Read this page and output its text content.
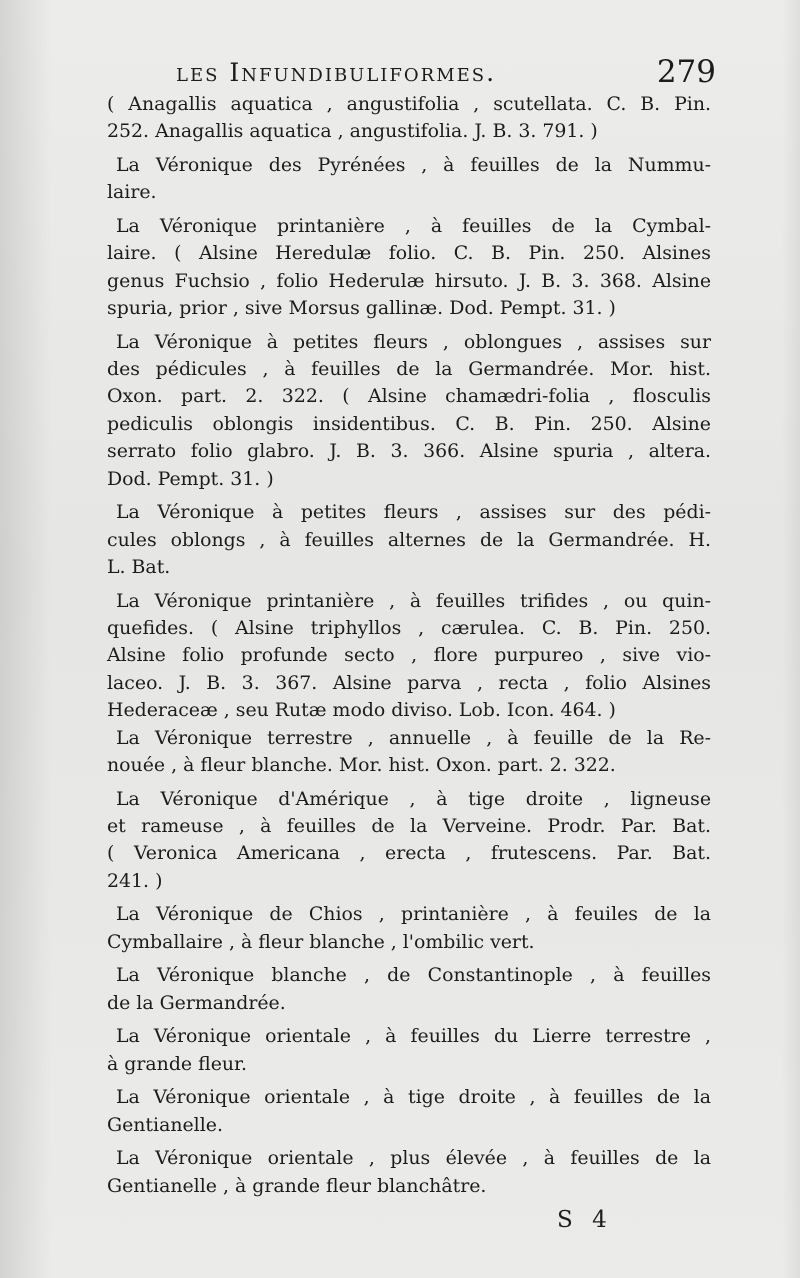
les Infundibuliformes.	279
( Anagallis aquatica , angustifolia , scutellata. C. B. Pin.
252. Anagallis aquatica , angustifolia. J. B. 3. 791. )
La Véronique des Pyrénées , à feuilles de la Nummu-
laire.
La Véronique printanière , à feuilles de la Cymbal-
laire. ( Alsine Heredulæ folio. C. B. Pin. 250. Alsines
genus Fuchsio , folio Hederulæ hirsuto. J. B. 3. 368. Alsine
spuria, prior , sive Morsus gallinæ. Dod. Pempt. 31. )
La Véronique à petites fleurs , oblongues , assises sur
des pédicules , à feuilles de la Germandrée. Mor. hist.
Oxon. part. 2. 322. ( Alsine chamædri-folia , flosculis
pediculis oblongis insidentibus. C. B. Pin. 250. Alsine
serrato folio glabro. J. B. 3. 366. Alsine spuria , altera.
Dod. Pempt. 31. )
La Véronique à petites fleurs , assises sur des pédi-
cules oblongs , à feuilles alternes de la Germandrée. H.
L. Bat.
La Véronique printanière , à feuilles trifides , ou quin-
quefides. ( Alsine triphyllos , cærulea. C. B. Pin. 250.
Alsine folio profunde secto , flore purpureo , sive vio-
laceo. J. B. 3. 367. Alsine parva , recta , folio Alsines
Hederaceæ , seu Rutæ modo diviso. Lob. Icon. 464. )
La Véronique terrestre , annuelle , à feuille de la Re-
nouée , à fleur blanche. Mor. hist. Oxon. part. 2. 322.
La Véronique d'Amérique , à tige droite , ligneuse
et rameuse , à feuilles de la Verveine. Prodr. Par. Bat.
( Veronica Americana , erecta , frutescens. Par. Bat.
241. )
La Véronique de Chios , printanière , à feuiles de la
Cymballaire , à fleur blanche , l'ombilic vert.
La Véronique blanche , de Constantinople , à feuilles
de la Germandrée.
La Véronique orientale , à feuilles du Lierre terrestre ,
à grande fleur.
La Véronique orientale , à tige droite , à feuilles de la
Gentianelle.
La Véronique orientale , plus élevée , à feuilles de la
Gentianelle , à grande fleur blanchâtre.
S 4
